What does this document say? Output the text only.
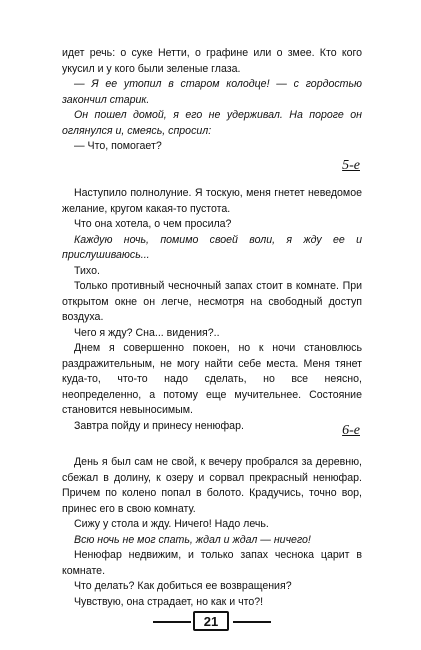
идет речь: о суке Нетти, о графине или о змее. Кто кого укусил и у кого были зеленые глаза.

— Я ее утопил в старом колодце! — с гордостью закончил старик.

Он пошел домой, я его не удерживал. На пороге он оглянулся и, смеясь, спросил:

— Что, помогает?

5-е

Наступило полнолуние. Я тоскую, меня гнетет неведомое желание, кругом какая-то пустота.

Что она хотела, о чем просила?

Каждую ночь, помимо своей воли, я жду ее и прислушиваюсь...

Тихо.

Только противный чесночный запах стоит в комнате. При открытом окне он легче, несмотря на свободный доступ воздуха.

Чего я жду? Сна... видения?..

Днем я совершенно покоен, но к ночи становлюсь раздражительным, не могу найти себе места. Меня тянет куда-то, что-то надо сделать, но все неясно, неопределенно, а потому еще мучительнее. Состояние становится невыносимым.

Завтра пойду и принесу ненюфар.	6-е

День я был сам не свой, к вечеру пробрался за деревню, сбежал в долину, к озеру и сорвал прекрасный ненюфар. Причем по колено попал в болото. Крадучись, точно вор, принес его в свою комнату.

Сижу у стола и жду. Ничего! Надо лечь.

Всю ночь не мог спать, ждал и ждал — ничего!

Ненюфар недвижим, и только запах чеснока царит в комнате.

Что делать? Как добиться ее возвращения?

Чувствую, она страдает, но как и что?!

21
